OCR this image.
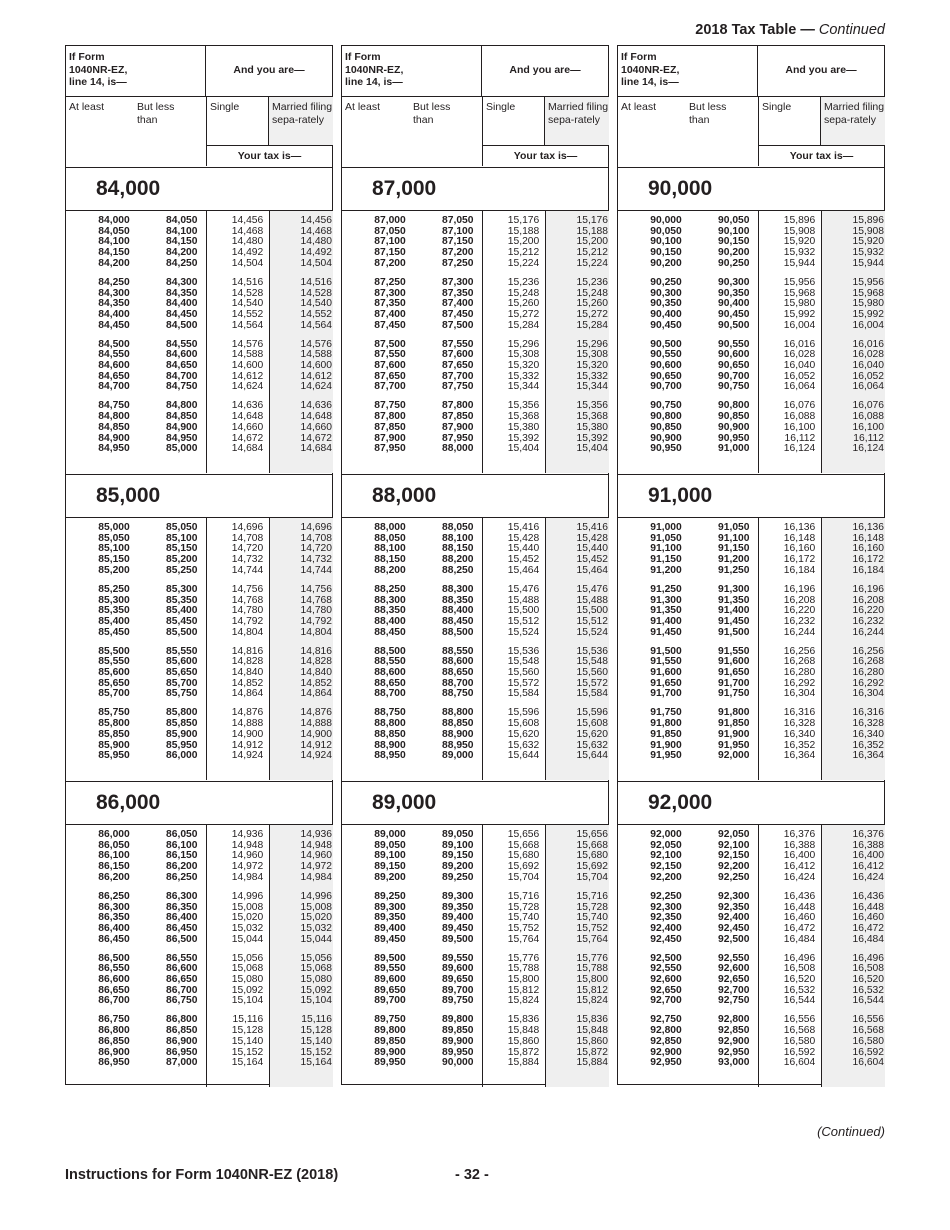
2018 Tax Table — Continued
If Form 1040NR-EZ, line 14, is—
And you are—
At least	But less than
Single	Married filing sepa-rately
Your tax is—
84,000
84,000	84,050	14,456	14,456
84,050	84,100	14,468	14,468
84,100	84,150	14,480	14,480
84,150	84,200	14,492	14,492
84,200	84,250	14,504	14,504
84,250	84,300	14,516	14,516
84,300	84,350	14,528	14,528
84,350	84,400	14,540	14,540
84,400	84,450	14,552	14,552
84,450	84,500	14,564	14,564
84,500	84,550	14,576	14,576
84,550	84,600	14,588	14,588
84,600	84,650	14,600	14,600
84,650	84,700	14,612	14,612
84,700	84,750	14,624	14,624
84,750	84,800	14,636	14,636
84,800	84,850	14,648	14,648
84,850	84,900	14,660	14,660
84,900	84,950	14,672	14,672
84,950	85,000	14,684	14,684
85,000
85,000	85,050	14,696	14,696
85,050	85,100	14,708	14,708
85,100	85,150	14,720	14,720
85,150	85,200	14,732	14,732
85,200	85,250	14,744	14,744
85,250	85,300	14,756	14,756
85,300	85,350	14,768	14,768
85,350	85,400	14,780	14,780
85,400	85,450	14,792	14,792
85,450	85,500	14,804	14,804
85,500	85,550	14,816	14,816
85,550	85,600	14,828	14,828
85,600	85,650	14,840	14,840
85,650	85,700	14,852	14,852
85,700	85,750	14,864	14,864
85,750	85,800	14,876	14,876
85,800	85,850	14,888	14,888
85,850	85,900	14,900	14,900
85,900	85,950	14,912	14,912
85,950	86,000	14,924	14,924
86,000
86,000	86,050	14,936	14,936
86,050	86,100	14,948	14,948
86,100	86,150	14,960	14,960
86,150	86,200	14,972	14,972
86,200	86,250	14,984	14,984
86,250	86,300	14,996	14,996
86,300	86,350	15,008	15,008
86,350	86,400	15,020	15,020
86,400	86,450	15,032	15,032
86,450	86,500	15,044	15,044
86,500	86,550	15,056	15,056
86,550	86,600	15,068	15,068
86,600	86,650	15,080	15,080
86,650	86,700	15,092	15,092
86,700	86,750	15,104	15,104
86,750	86,800	15,116	15,116
86,800	86,850	15,128	15,128
86,850	86,900	15,140	15,140
86,900	86,950	15,152	15,152
86,950	87,000	15,164	15,164
If Form 1040NR-EZ, line 14, is—
And you are—
At least	But less than
Single	Married filing sepa-rately
Your tax is—
87,000
87,000	87,050	15,176	15,176
87,050	87,100	15,188	15,188
87,100	87,150	15,200	15,200
87,150	87,200	15,212	15,212
87,200	87,250	15,224	15,224
87,250	87,300	15,236	15,236
87,300	87,350	15,248	15,248
87,350	87,400	15,260	15,260
87,400	87,450	15,272	15,272
87,450	87,500	15,284	15,284
87,500	87,550	15,296	15,296
87,550	87,600	15,308	15,308
87,600	87,650	15,320	15,320
87,650	87,700	15,332	15,332
87,700	87,750	15,344	15,344
87,750	87,800	15,356	15,356
87,800	87,850	15,368	15,368
87,850	87,900	15,380	15,380
87,900	87,950	15,392	15,392
87,950	88,000	15,404	15,404
88,000
88,000	88,050	15,416	15,416
88,050	88,100	15,428	15,428
88,100	88,150	15,440	15,440
88,150	88,200	15,452	15,452
88,200	88,250	15,464	15,464
88,250	88,300	15,476	15,476
88,300	88,350	15,488	15,488
88,350	88,400	15,500	15,500
88,400	88,450	15,512	15,512
88,450	88,500	15,524	15,524
88,500	88,550	15,536	15,536
88,550	88,600	15,548	15,548
88,600	88,650	15,560	15,560
88,650	88,700	15,572	15,572
88,700	88,750	15,584	15,584
88,750	88,800	15,596	15,596
88,800	88,850	15,608	15,608
88,850	88,900	15,620	15,620
88,900	88,950	15,632	15,632
88,950	89,000	15,644	15,644
89,000
89,000	89,050	15,656	15,656
89,050	89,100	15,668	15,668
89,100	89,150	15,680	15,680
89,150	89,200	15,692	15,692
89,200	89,250	15,704	15,704
89,250	89,300	15,716	15,716
89,300	89,350	15,728	15,728
89,350	89,400	15,740	15,740
89,400	89,450	15,752	15,752
89,450	89,500	15,764	15,764
89,500	89,550	15,776	15,776
89,550	89,600	15,788	15,788
89,600	89,650	15,800	15,800
89,650	89,700	15,812	15,812
89,700	89,750	15,824	15,824
89,750	89,800	15,836	15,836
89,800	89,850	15,848	15,848
89,850	89,900	15,860	15,860
89,900	89,950	15,872	15,872
89,950	90,000	15,884	15,884
If Form 1040NR-EZ, line 14, is—
And you are—
At least	But less than
Single	Married filing sepa-rately
Your tax is—
90,000
90,000	90,050	15,896	15,896
90,050	90,100	15,908	15,908
90,100	90,150	15,920	15,920
90,150	90,200	15,932	15,932
90,200	90,250	15,944	15,944
90,250	90,300	15,956	15,956
90,300	90,350	15,968	15,968
90,350	90,400	15,980	15,980
90,400	90,450	15,992	15,992
90,450	90,500	16,004	16,004
90,500	90,550	16,016	16,016
90,550	90,600	16,028	16,028
90,600	90,650	16,040	16,040
90,650	90,700	16,052	16,052
90,700	90,750	16,064	16,064
90,750	90,800	16,076	16,076
90,800	90,850	16,088	16,088
90,850	90,900	16,100	16,100
90,900	90,950	16,112	16,112
90,950	91,000	16,124	16,124
91,000
91,000	91,050	16,136	16,136
91,050	91,100	16,148	16,148
91,100	91,150	16,160	16,160
91,150	91,200	16,172	16,172
91,200	91,250	16,184	16,184
91,250	91,300	16,196	16,196
91,300	91,350	16,208	16,208
91,350	91,400	16,220	16,220
91,400	91,450	16,232	16,232
91,450	91,500	16,244	16,244
91,500	91,550	16,256	16,256
91,550	91,600	16,268	16,268
91,600	91,650	16,280	16,280
91,650	91,700	16,292	16,292
91,700	91,750	16,304	16,304
91,750	91,800	16,316	16,316
91,800	91,850	16,328	16,328
91,850	91,900	16,340	16,340
91,900	91,950	16,352	16,352
91,950	92,000	16,364	16,364
92,000
92,000	92,050	16,376	16,376
92,050	92,100	16,388	16,388
92,100	92,150	16,400	16,400
92,150	92,200	16,412	16,412
92,200	92,250	16,424	16,424
92,250	92,300	16,436	16,436
92,300	92,350	16,448	16,448
92,350	92,400	16,460	16,460
92,400	92,450	16,472	16,472
92,450	92,500	16,484	16,484
92,500	92,550	16,496	16,496
92,550	92,600	16,508	16,508
92,600	92,650	16,520	16,520
92,650	92,700	16,532	16,532
92,700	92,750	16,544	16,544
92,750	92,800	16,556	16,556
92,800	92,850	16,568	16,568
92,850	92,900	16,580	16,580
92,900	92,950	16,592	16,592
92,950	93,000	16,604	16,604
(Continued)
Instructions for Form 1040NR-EZ (2018)	- 32 -
